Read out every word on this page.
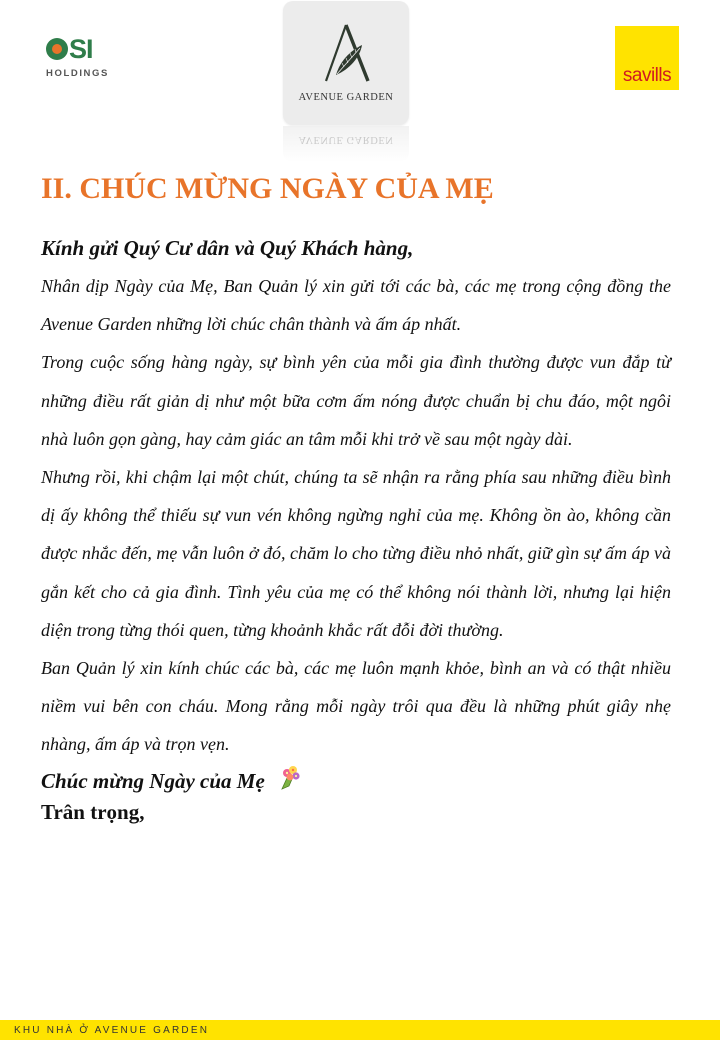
SI
HOLDINGS
AVENUE GARDEN
AVENUE GARDEN
savills
II. CHÚC MỪNG NGÀY CỦA MẸ

Kính gửi Quý Cư dân và Quý Khách hàng,

Nhân dịp Ngày của Mẹ, Ban Quản lý xin gửi tới các bà, các mẹ trong cộng đồng the Avenue Garden những lời chúc chân thành và ấm áp nhất.

Trong cuộc sống hàng ngày, sự bình yên của mỗi gia đình thường được vun đắp từ những điều rất giản dị như một bữa cơm ấm nóng được chuẩn bị chu đáo, một ngôi nhà luôn gọn gàng, hay cảm giác an tâm mỗi khi trở về sau một ngày dài.

Nhưng rồi, khi chậm lại một chút, chúng ta sẽ nhận ra rằng phía sau những điều bình dị ấy không thể thiếu sự vun vén không ngừng nghỉ của mẹ. Không ồn ào, không cần được nhắc đến, mẹ vẫn luôn ở đó, chăm lo cho từng điều nhỏ nhất, giữ gìn sự ấm áp và gắn kết cho cả gia đình. Tình yêu của mẹ có thể không nói thành lời, nhưng lại hiện diện trong từng thói quen, từng khoảnh khắc rất đỗi đời thường.

Ban Quản lý xin kính chúc các bà, các mẹ luôn mạnh khỏe, bình an và có thật nhiều niềm vui bên con cháu. Mong rằng mỗi ngày trôi qua đều là những phút giây nhẹ nhàng, ấm áp và trọn vẹn.

Chúc mừng Ngày của Mẹ

Trân trọng,

KHU NHÀ Ở AVENUE GARDEN
